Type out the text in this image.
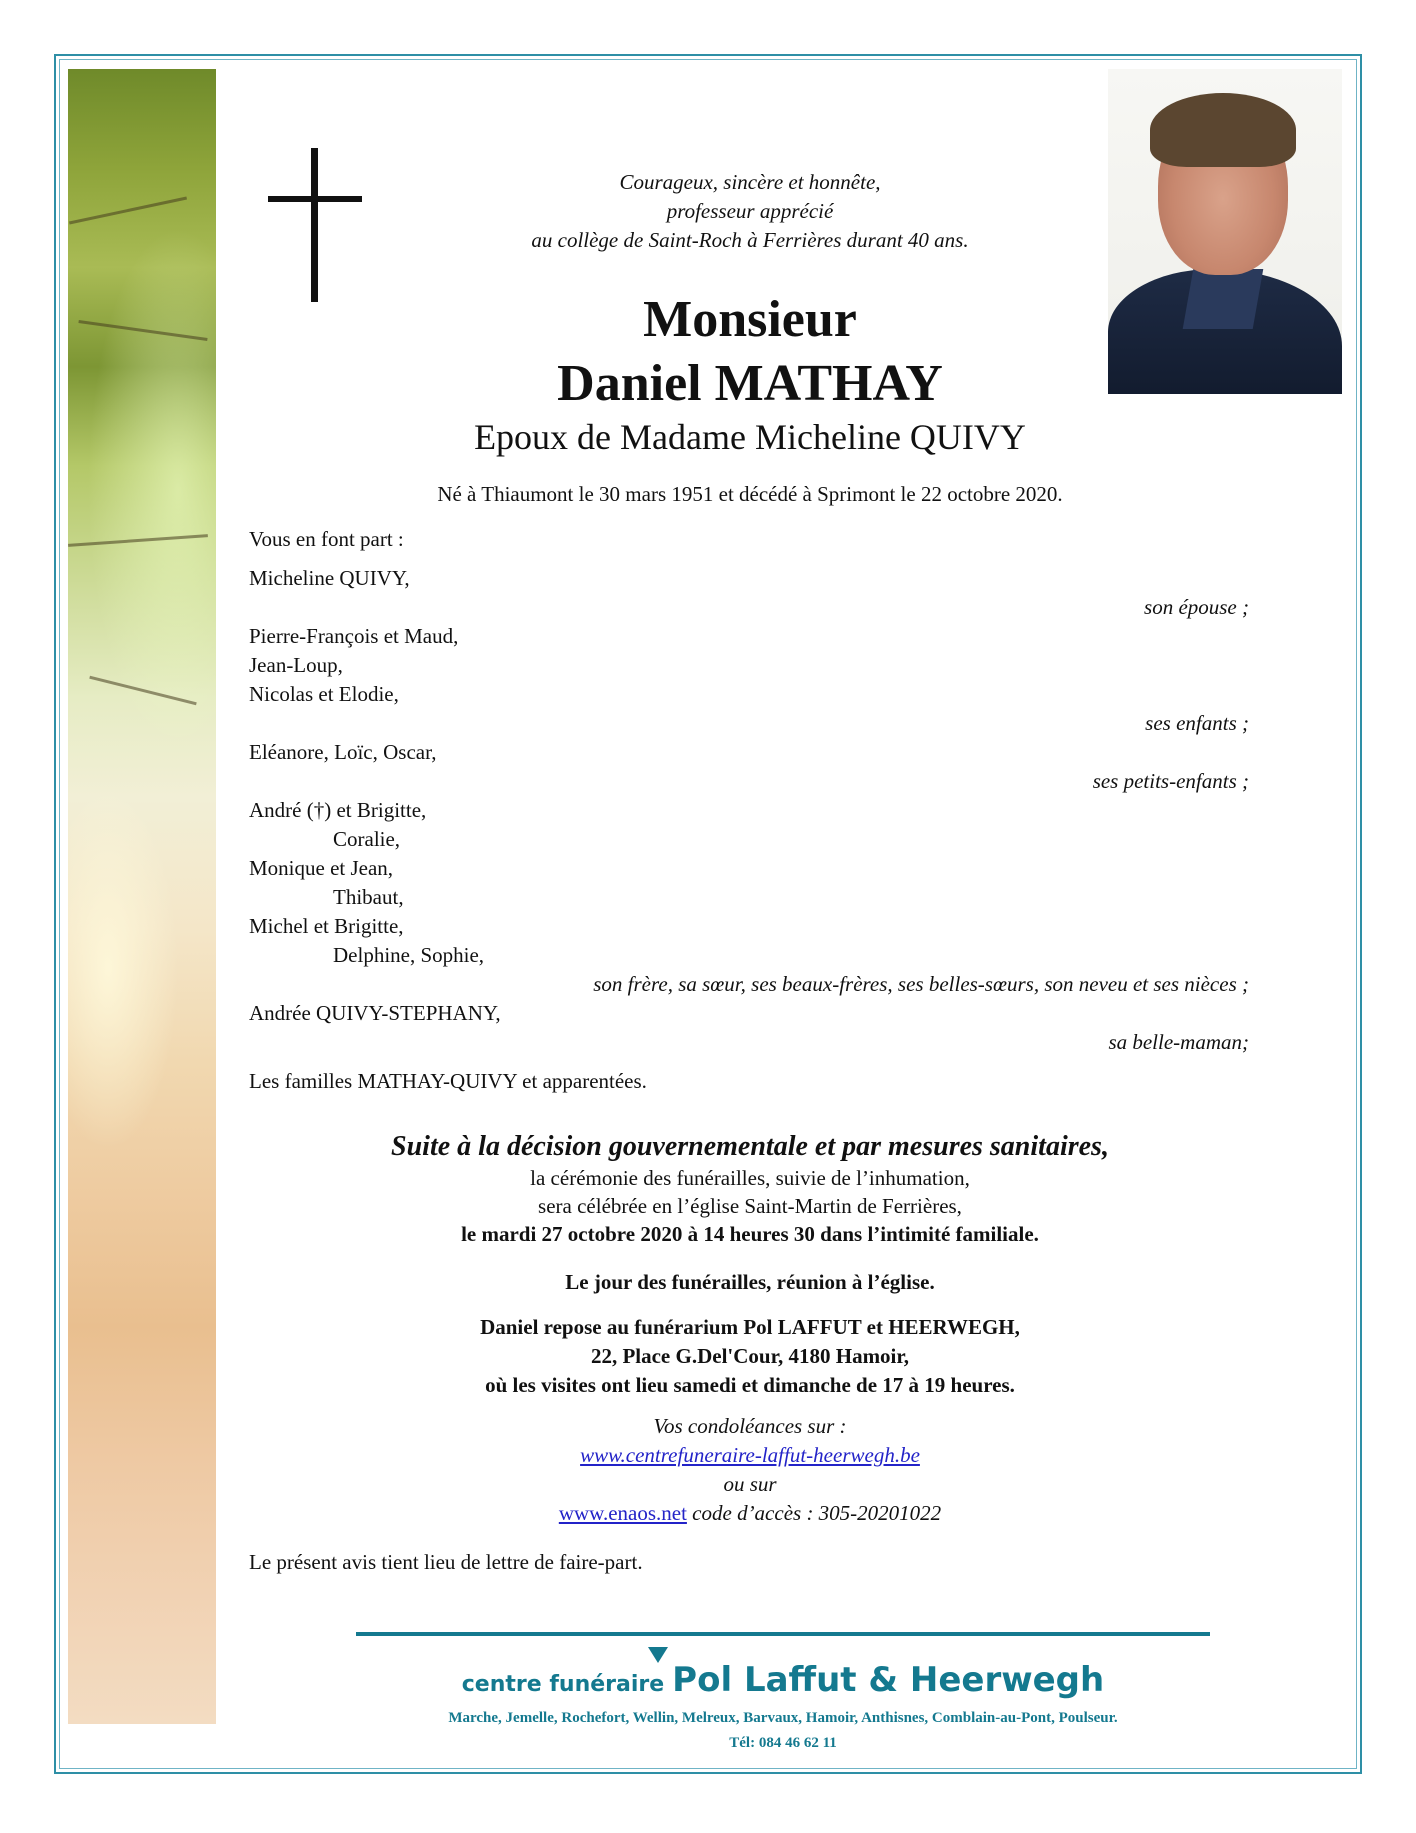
Courageux, sincère et honnête,
professeur apprécié
au collège de Saint-Roch à Ferrières durant 40 ans.
Monsieur
Daniel MATHAY
Epoux de Madame Micheline QUIVY
Né à Thiaumont le 30 mars 1951 et décédé à Sprimont le 22 octobre 2020.
Vous en font part :
Micheline QUIVY,
son épouse ;
Pierre-François et Maud,
Jean-Loup,
Nicolas et Elodie,
ses enfants ;
Eléanore, Loïc, Oscar,
ses petits-enfants ;
André (†) et Brigitte,
Coralie,
Monique et Jean,
Thibaut,
Michel et Brigitte,
Delphine, Sophie,
son frère, sa sœur, ses beaux-frères, ses belles-sœurs, son neveu et ses nièces ;
Andrée QUIVY-STEPHANY,
sa belle-maman;
Les familles MATHAY-QUIVY et apparentées.
Suite à la décision gouvernementale et par mesures sanitaires,
la cérémonie des funérailles, suivie de l’inhumation,
sera célébrée en l’église Saint-Martin de Ferrières,
le mardi 27 octobre 2020 à 14 heures 30 dans l’intimité familiale.
Le jour des funérailles, réunion à l’église.
Daniel repose au funérarium Pol LAFFUT et HEERWEGH,
22, Place G.Del'Cour, 4180 Hamoir,
où les visites ont lieu samedi et dimanche de 17 à 19 heures.
Vos condoléances sur :
www.centrefuneraire-laffut-heerwegh.be
ou sur
www.enaos.net code d’accès : 305-20201022
Le présent avis tient lieu de lettre de faire-part.
centre funéraire Pol Laffut & Heerwegh
Marche, Jemelle, Rochefort, Wellin, Melreux, Barvaux, Hamoir, Anthisnes, Comblain-au-Pont, Poulseur.
Tél: 084 46 62 11
